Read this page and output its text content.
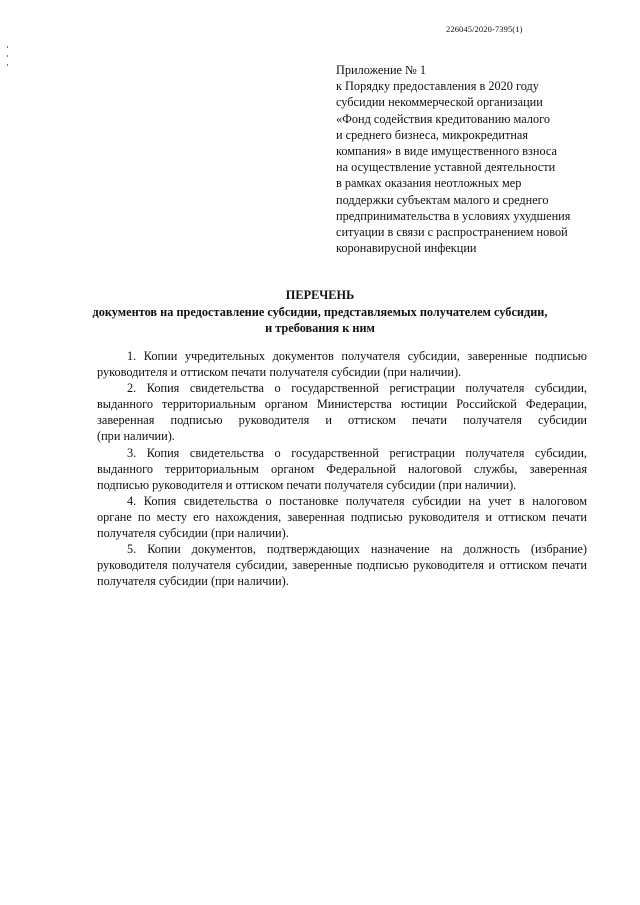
226045/2020-7395(1)
Приложение № 1
к Порядку предоставления в 2020 году
субсидии некоммерческой организации
«Фонд содействия кредитованию малого
и среднего бизнеса, микрокредитная
компания» в виде имущественного взноса
на осуществление уставной деятельности
в рамках оказания неотложных мер
поддержки субъектам малого и среднего
предпринимательства в условиях ухудшения
ситуации в связи с распространением новой
коронавирусной инфекции
ПЕРЕЧЕНЬ
документов на предоставление субсидии, представляемых получателем субсидии,
и требования к ним
1. Копии учредительных документов получателя субсидии, заверенные подписью
руководителя и оттиском печати получателя субсидии (при наличии).
2. Копия свидетельства о государственной регистрации получателя субсидии,
выданного территориальным органом Министерства юстиции Российской Федерации,
заверенная подписью руководителя и оттиском печати получателя субсидии
(при наличии).
3. Копия свидетельства о государственной регистрации получателя субсидии,
выданного территориальным органом Федеральной налоговой службы, заверенная
подписью руководителя и оттиском печати получателя субсидии (при наличии).
4. Копия свидетельства о постановке получателя субсидии на учет в налоговом
органе по месту его нахождения, заверенная подписью руководителя и оттиском печати
получателя субсидии (при наличии).
5. Копии документов, подтверждающих назначение на должность (избрание)
руководителя получателя субсидии, заверенные подписью руководителя и оттиском печати
получателя субсидии (при наличии).
